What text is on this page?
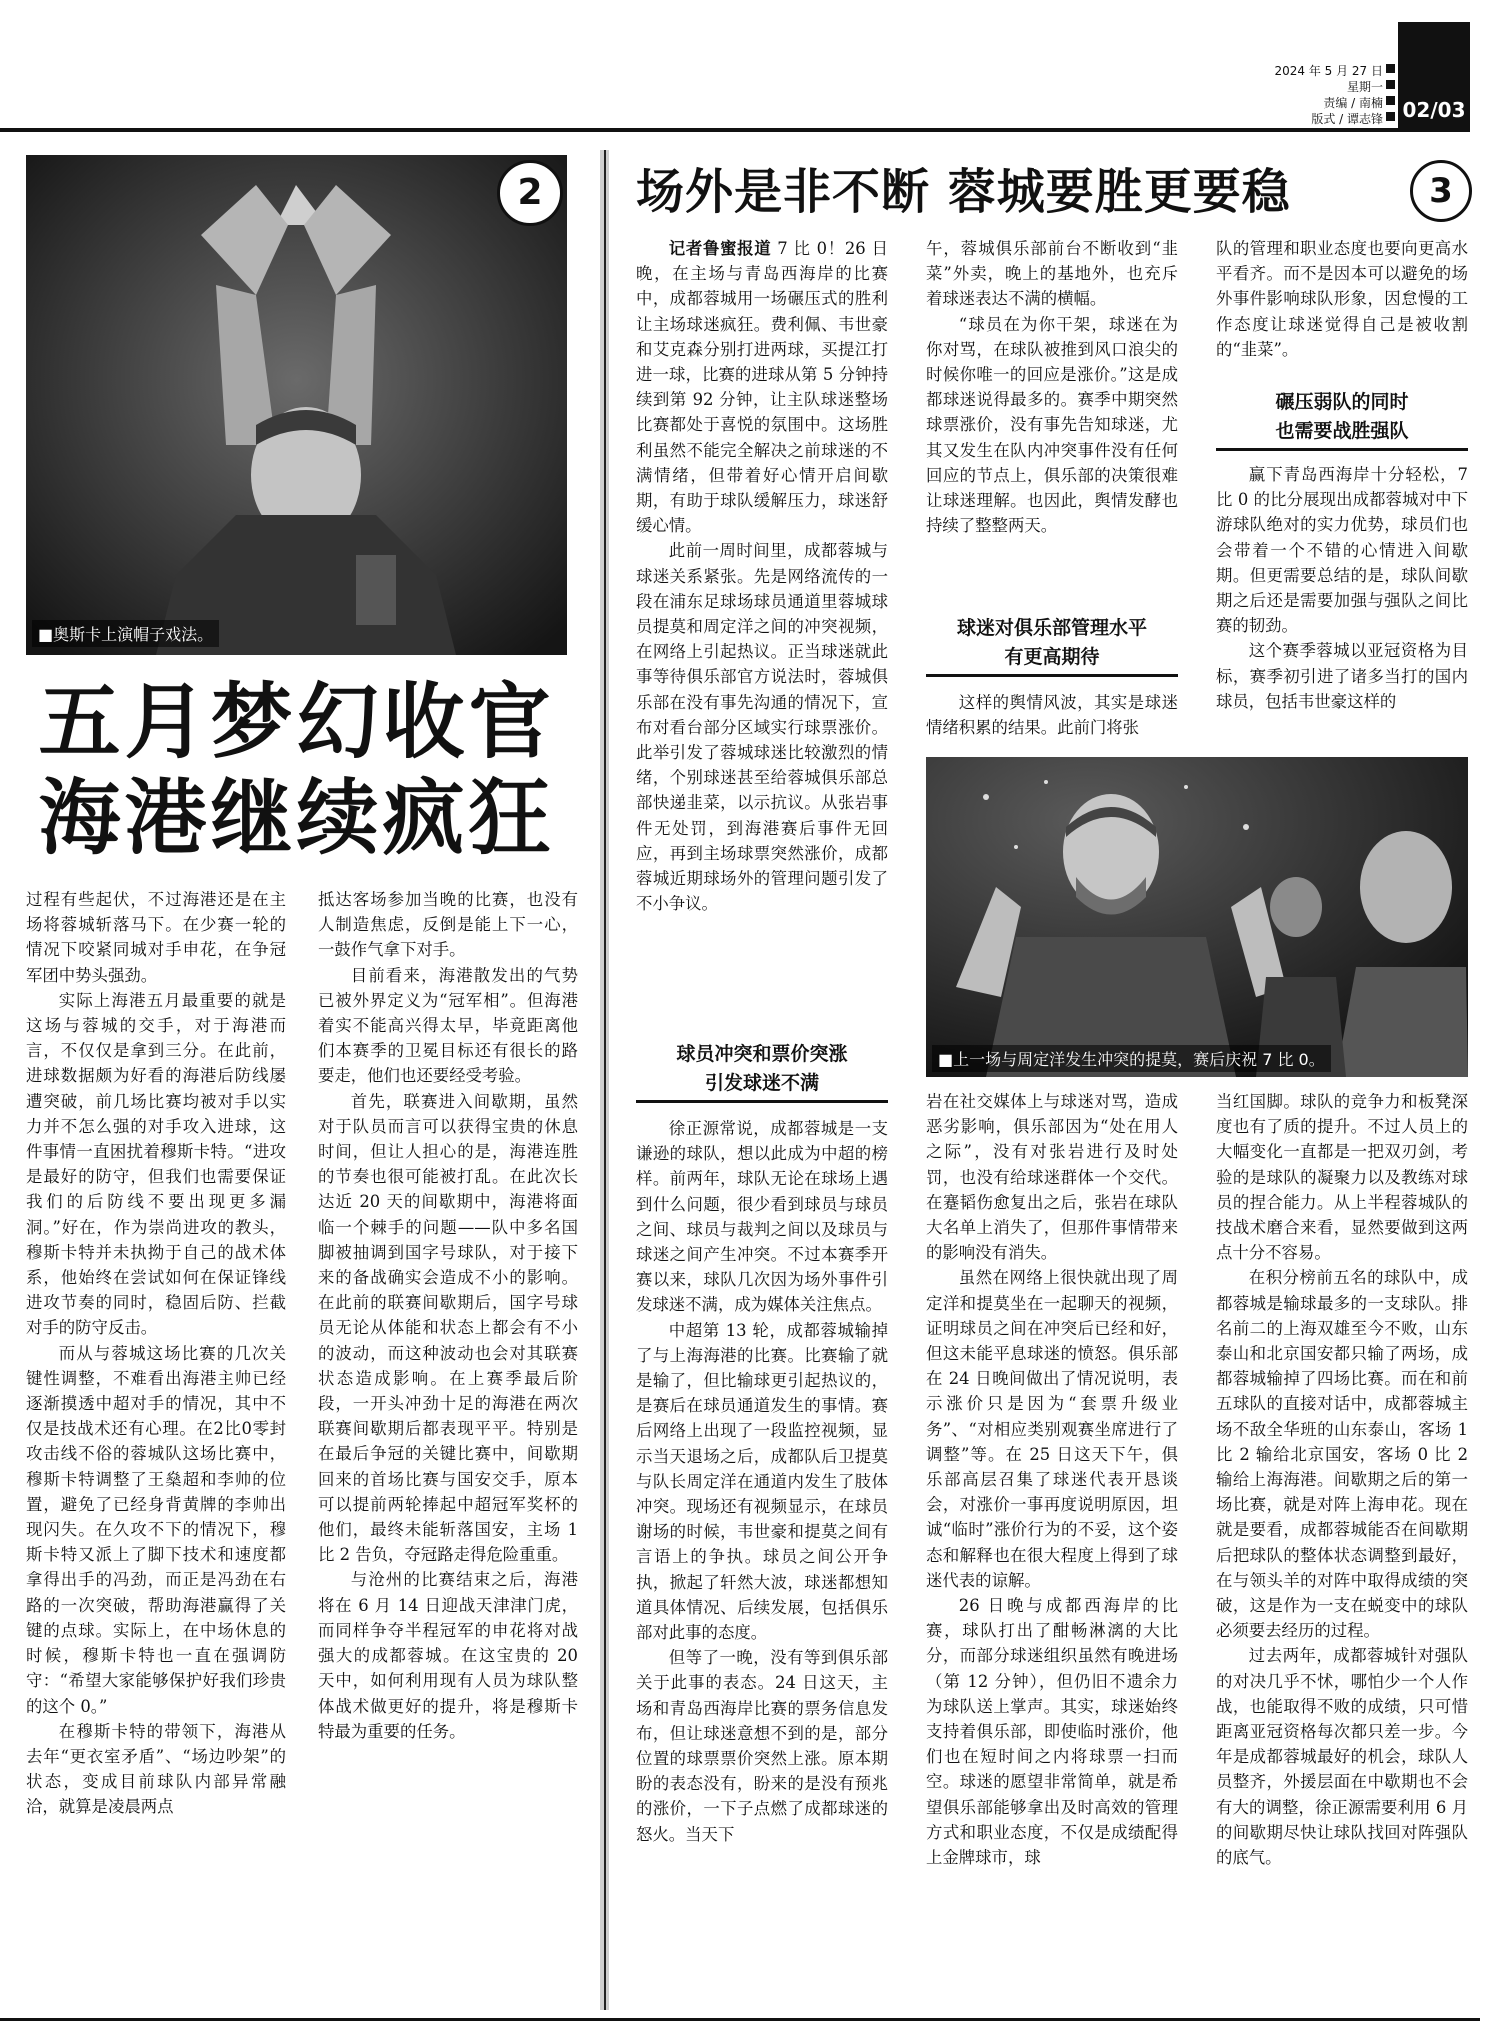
2024 年 5 月 27 日
星期一
责编 / 南楠
版式 / 谭志锋 02/03
■奥斯卡上演帽子戏法。
2
五月梦幻收官
海港继续疯狂

过程有些起伏，不过海港还是在主场将蓉城斩落马下。在少赛一轮的情况下咬紧同城对手申花，在争冠军团中势头强劲。

实际上海港五月最重要的就是这场与蓉城的交手，对于海港而言，不仅仅是拿到三分。在此前，进球数据颇为好看的海港后防线屡遭突破，前几场比赛均被对手以实力并不怎么强的对手攻入进球，这件事情一直困扰着穆斯卡特。“进攻是最好的防守，但我们也需要保证我们的后防线不要出现更多漏洞。”好在，作为崇尚进攻的教头，穆斯卡特并未执拗于自己的战术体系，他始终在尝试如何在保证锋线进攻节奏的同时，稳固后防、拦截对手的防守反击。

而从与蓉城这场比赛的几次关键性调整，不难看出海港主帅已经逐渐摸透中超对手的情况，其中不仅是技战术还有心理。在2比0零封攻击线不俗的蓉城队这场比赛中，穆斯卡特调整了王燊超和李帅的位置，避免了已经身背黄牌的李帅出现闪失。在久攻不下的情况下，穆斯卡特又派上了脚下技术和速度都拿得出手的冯劲，而正是冯劲在右路的一次突破，帮助海港赢得了关键的点球。实际上，在中场休息的时候，穆斯卡特也一直在强调防守：“希望大家能够保护好我们珍贵的这个 0。”

在穆斯卡特的带领下，海港从去年“更衣室矛盾”、“场边吵架”的状态，变成目前球队内部异常融洽，就算是凌晨两点

抵达客场参加当晚的比赛，也没有人制造焦虑，反倒是能上下一心，一鼓作气拿下对手。

目前看来，海港散发出的气势已被外界定义为“冠军相”。但海港着实不能高兴得太早，毕竟距离他们本赛季的卫冕目标还有很长的路要走，他们也还要经受考验。

首先，联赛进入间歇期，虽然对于队员而言可以获得宝贵的休息时间，但让人担心的是，海港连胜的节奏也很可能被打乱。在此次长达近 20 天的间歇期中，海港将面临一个棘手的问题——队中多名国脚被抽调到国字号球队，对于接下来的备战确实会造成不小的影响。在此前的联赛间歇期后，国字号球员无论从体能和状态上都会有不小的波动，而这种波动也会对其联赛状态造成影响。在上赛季最后阶段，一开头冲劲十足的海港在两次联赛间歇期后都表现平平。特别是在最后争冠的关键比赛中，间歇期回来的首场比赛与国安交手，原本可以提前两轮捧起中超冠军奖杯的他们，最终未能斩落国安，主场 1 比 2 告负，夺冠路走得危险重重。

与沧州的比赛结束之后，海港将在 6 月 14 日迎战天津津门虎，而同样争夺半程冠军的申花将对战强大的成都蓉城。在这宝贵的 20 天中，如何利用现有人员为球队整体战术做更好的提升，将是穆斯卡特最为重要的任务。

场外是非不断 蓉城要胜更要稳	3

记者鲁蜜报道 7 比 0！26 日晚，在主场与青岛西海岸的比赛中，成都蓉城用一场碾压式的胜利让主场球迷疯狂。费利佩、韦世豪和艾克森分别打进两球，买提江打进一球，比赛的进球从第 5 分钟持续到第 92 分钟，让主队球迷整场比赛都处于喜悦的氛围中。这场胜利虽然不能完全解决之前球迷的不满情绪，但带着好心情开启间歇期，有助于球队缓解压力，球迷舒缓心情。

此前一周时间里，成都蓉城与球迷关系紧张。先是网络流传的一段在浦东足球场球员通道里蓉城球员提莫和周定洋之间的冲突视频，在网络上引起热议。正当球迷就此事等待俱乐部官方说法时，蓉城俱乐部在没有事先沟通的情况下，宣布对看台部分区域实行球票涨价。此举引发了蓉城球迷比较激烈的情绪，个别球迷甚至给蓉城俱乐部总部快递韭菜，以示抗议。从张岩事件无处罚，到海港赛后事件无回应，再到主场球票突然涨价，成都蓉城近期球场外的管理问题引发了不小争议。

球员冲突和票价突涨
引发球迷不满

徐正源常说，成都蓉城是一支谦逊的球队，想以此成为中超的榜样。前两年，球队无论在球场上遇到什么问题，很少看到球员与球员之间、球员与裁判之间以及球员与球迷之间产生冲突。不过本赛季开赛以来，球队几次因为场外事件引发球迷不满，成为媒体关注焦点。

中超第 13 轮，成都蓉城输掉了与上海海港的比赛。比赛输了就是输了，但比输球更引起热议的，是赛后在球员通道发生的事情。赛后网络上出现了一段监控视频，显示当天退场之后，成都队后卫提莫与队长周定洋在通道内发生了肢体冲突。现场还有视频显示，在球员谢场的时候，韦世豪和提莫之间有言语上的争执。球员之间公开争执，掀起了轩然大波，球迷都想知道具体情况、后续发展，包括俱乐部对此事的态度。

但等了一晚，没有等到俱乐部关于此事的表态。24 日这天，主场和青岛西海岸比赛的票务信息发布，但让球迷意想不到的是，部分位置的球票票价突然上涨。原本期盼的表态没有，盼来的是没有预兆的涨价，一下子点燃了成都球迷的怒火。当天下

午，蓉城俱乐部前台不断收到“韭菜”外卖，晚上的基地外，也充斥着球迷表达不满的横幅。

“球员在为你干架，球迷在为你对骂，在球队被推到风口浪尖的时候你唯一的回应是涨价。”这是成都球迷说得最多的。赛季中期突然球票涨价，没有事先告知球迷，尤其又发生在队内冲突事件没有任何回应的节点上，俱乐部的决策很难让球迷理解。也因此，舆情发酵也持续了整整两天。

球迷对俱乐部管理水平
有更高期待

这样的舆情风波，其实是球迷情绪积累的结果。此前门将张

队的管理和职业态度也要向更高水平看齐。而不是因本可以避免的场外事件影响球队形象，因怠慢的工作态度让球迷觉得自己是被收割的“韭菜”。

碾压弱队的同时
也需要战胜强队

赢下青岛西海岸十分轻松，7 比 0 的比分展现出成都蓉城对中下游球队绝对的实力优势，球员们也会带着一个不错的心情进入间歇期。但更需要总结的是，球队间歇期之后还是需要加强与强队之间比赛的韧劲。

这个赛季蓉城以亚冠资格为目标，赛季初引进了诸多当打的国内球员，包括韦世豪这样的

■上一场与周定洋发生冲突的提莫，赛后庆祝 7 比 0。

岩在社交媒体上与球迷对骂，造成恶劣影响，俱乐部因为“处在用人之际”，没有对张岩进行及时处罚，也没有给球迷群体一个交代。在蹇韬伤愈复出之后，张岩在球队大名单上消失了，但那件事情带来的影响没有消失。

虽然在网络上很快就出现了周定洋和提莫坐在一起聊天的视频，证明球员之间在冲突后已经和好，但这未能平息球迷的愤怒。俱乐部在 24 日晚间做出了情况说明，表示涨价只是因为“套票升级业务”、“对相应类别观赛坐席进行了调整”等。在 25 日这天下午，俱乐部高层召集了球迷代表开恳谈会，对涨价一事再度说明原因，坦诚“临时”涨价行为的不妥，这个姿态和解释也在很大程度上得到了球迷代表的谅解。

26 日晚与成都西海岸的比赛，球队打出了酣畅淋漓的大比分，而部分球迷组织虽然有晚进场（第 12 分钟），但仍旧不遗余力为球队送上掌声。其实，球迷始终支持着俱乐部，即使临时涨价，他们也在短时间之内将球票一扫而空。球迷的愿望非常简单，就是希望俱乐部能够拿出及时高效的管理方式和职业态度，不仅是成绩配得上金牌球市，球

当红国脚。球队的竞争力和板凳深度也有了质的提升。不过人员上的大幅变化一直都是一把双刃剑，考验的是球队的凝聚力以及教练对球员的捏合能力。从上半程蓉城队的技战术磨合来看，显然要做到这两点十分不容易。

在积分榜前五名的球队中，成都蓉城是输球最多的一支球队。排名前二的上海双雄至今不败，山东泰山和北京国安都只输了两场，成都蓉城输掉了四场比赛。而在和前五球队的直接对话中，成都蓉城主场不敌全华班的山东泰山，客场 1 比 2 输给北京国安，客场 0 比 2 输给上海海港。间歇期之后的第一场比赛，就是对阵上海申花。现在就是要看，成都蓉城能否在间歇期后把球队的整体状态调整到最好，在与领头羊的对阵中取得成绩的突破，这是作为一支在蜕变中的球队必须要去经历的过程。

过去两年，成都蓉城针对强队的对决几乎不怵，哪怕少一个人作战，也能取得不败的成绩，只可惜距离亚冠资格每次都只差一步。今年是成都蓉城最好的机会，球队人员整齐，外援层面在中歇期也不会有大的调整，徐正源需要利用 6 月的间歇期尽快让球队找回对阵强队的底气。
